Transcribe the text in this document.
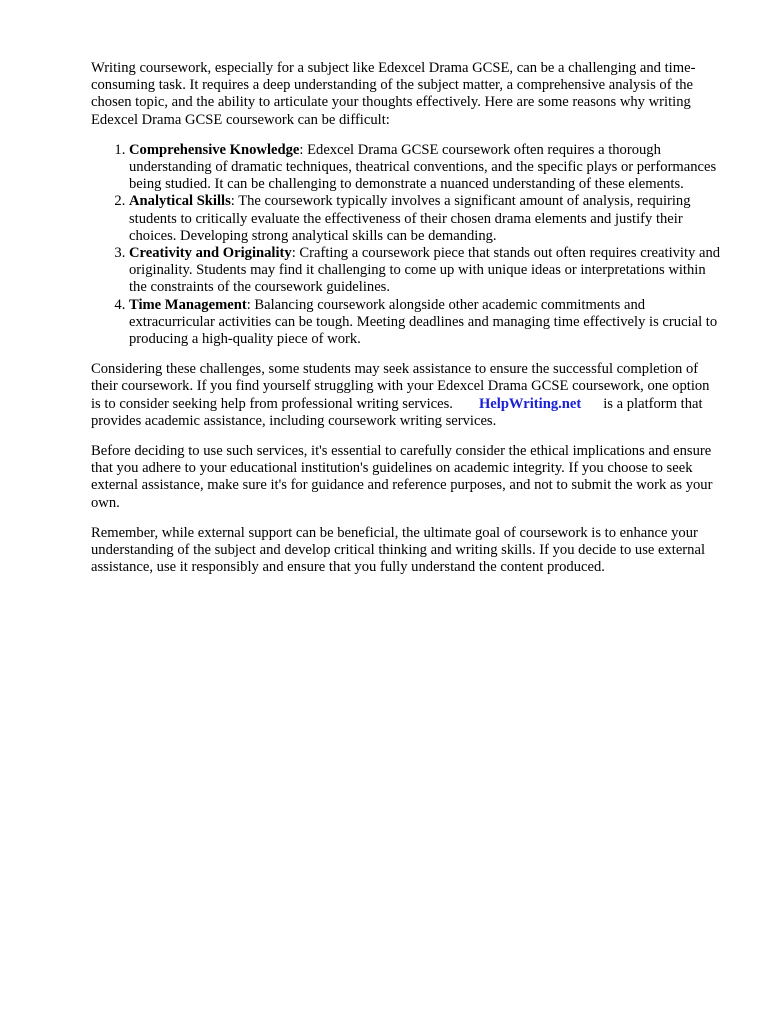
Writing coursework, especially for a subject like Edexcel Drama GCSE, can be a challenging and time-consuming task. It requires a deep understanding of the subject matter, a comprehensive analysis of the chosen topic, and the ability to articulate your thoughts effectively. Here are some reasons why writing Edexcel Drama GCSE coursework can be difficult:

1. Comprehensive Knowledge: Edexcel Drama GCSE coursework often requires a thorough understanding of dramatic techniques, theatrical conventions, and the specific plays or performances being studied. It can be challenging to demonstrate a nuanced understanding of these elements.
2. Analytical Skills: The coursework typically involves a significant amount of analysis, requiring students to critically evaluate the effectiveness of their chosen drama elements and justify their choices. Developing strong analytical skills can be demanding.
3. Creativity and Originality: Crafting a coursework piece that stands out often requires creativity and originality. Students may find it challenging to come up with unique ideas or interpretations within the constraints of the coursework guidelines.
4. Time Management: Balancing coursework alongside other academic commitments and extracurricular activities can be tough. Meeting deadlines and managing time effectively is crucial to producing a high-quality piece of work.

Considering these challenges, some students may seek assistance to ensure the successful completion of their coursework. If you find yourself struggling with your Edexcel Drama GCSE coursework, one option is to consider seeking help from professional writing services. HelpWriting.net is a platform that provides academic assistance, including coursework writing services.

Before deciding to use such services, it's essential to carefully consider the ethical implications and ensure that you adhere to your educational institution's guidelines on academic integrity. If you choose to seek external assistance, make sure it's for guidance and reference purposes, and not to submit the work as your own.

Remember, while external support can be beneficial, the ultimate goal of coursework is to enhance your understanding of the subject and develop critical thinking and writing skills. If you decide to use external assistance, use it responsibly and ensure that you fully understand the content produced.
